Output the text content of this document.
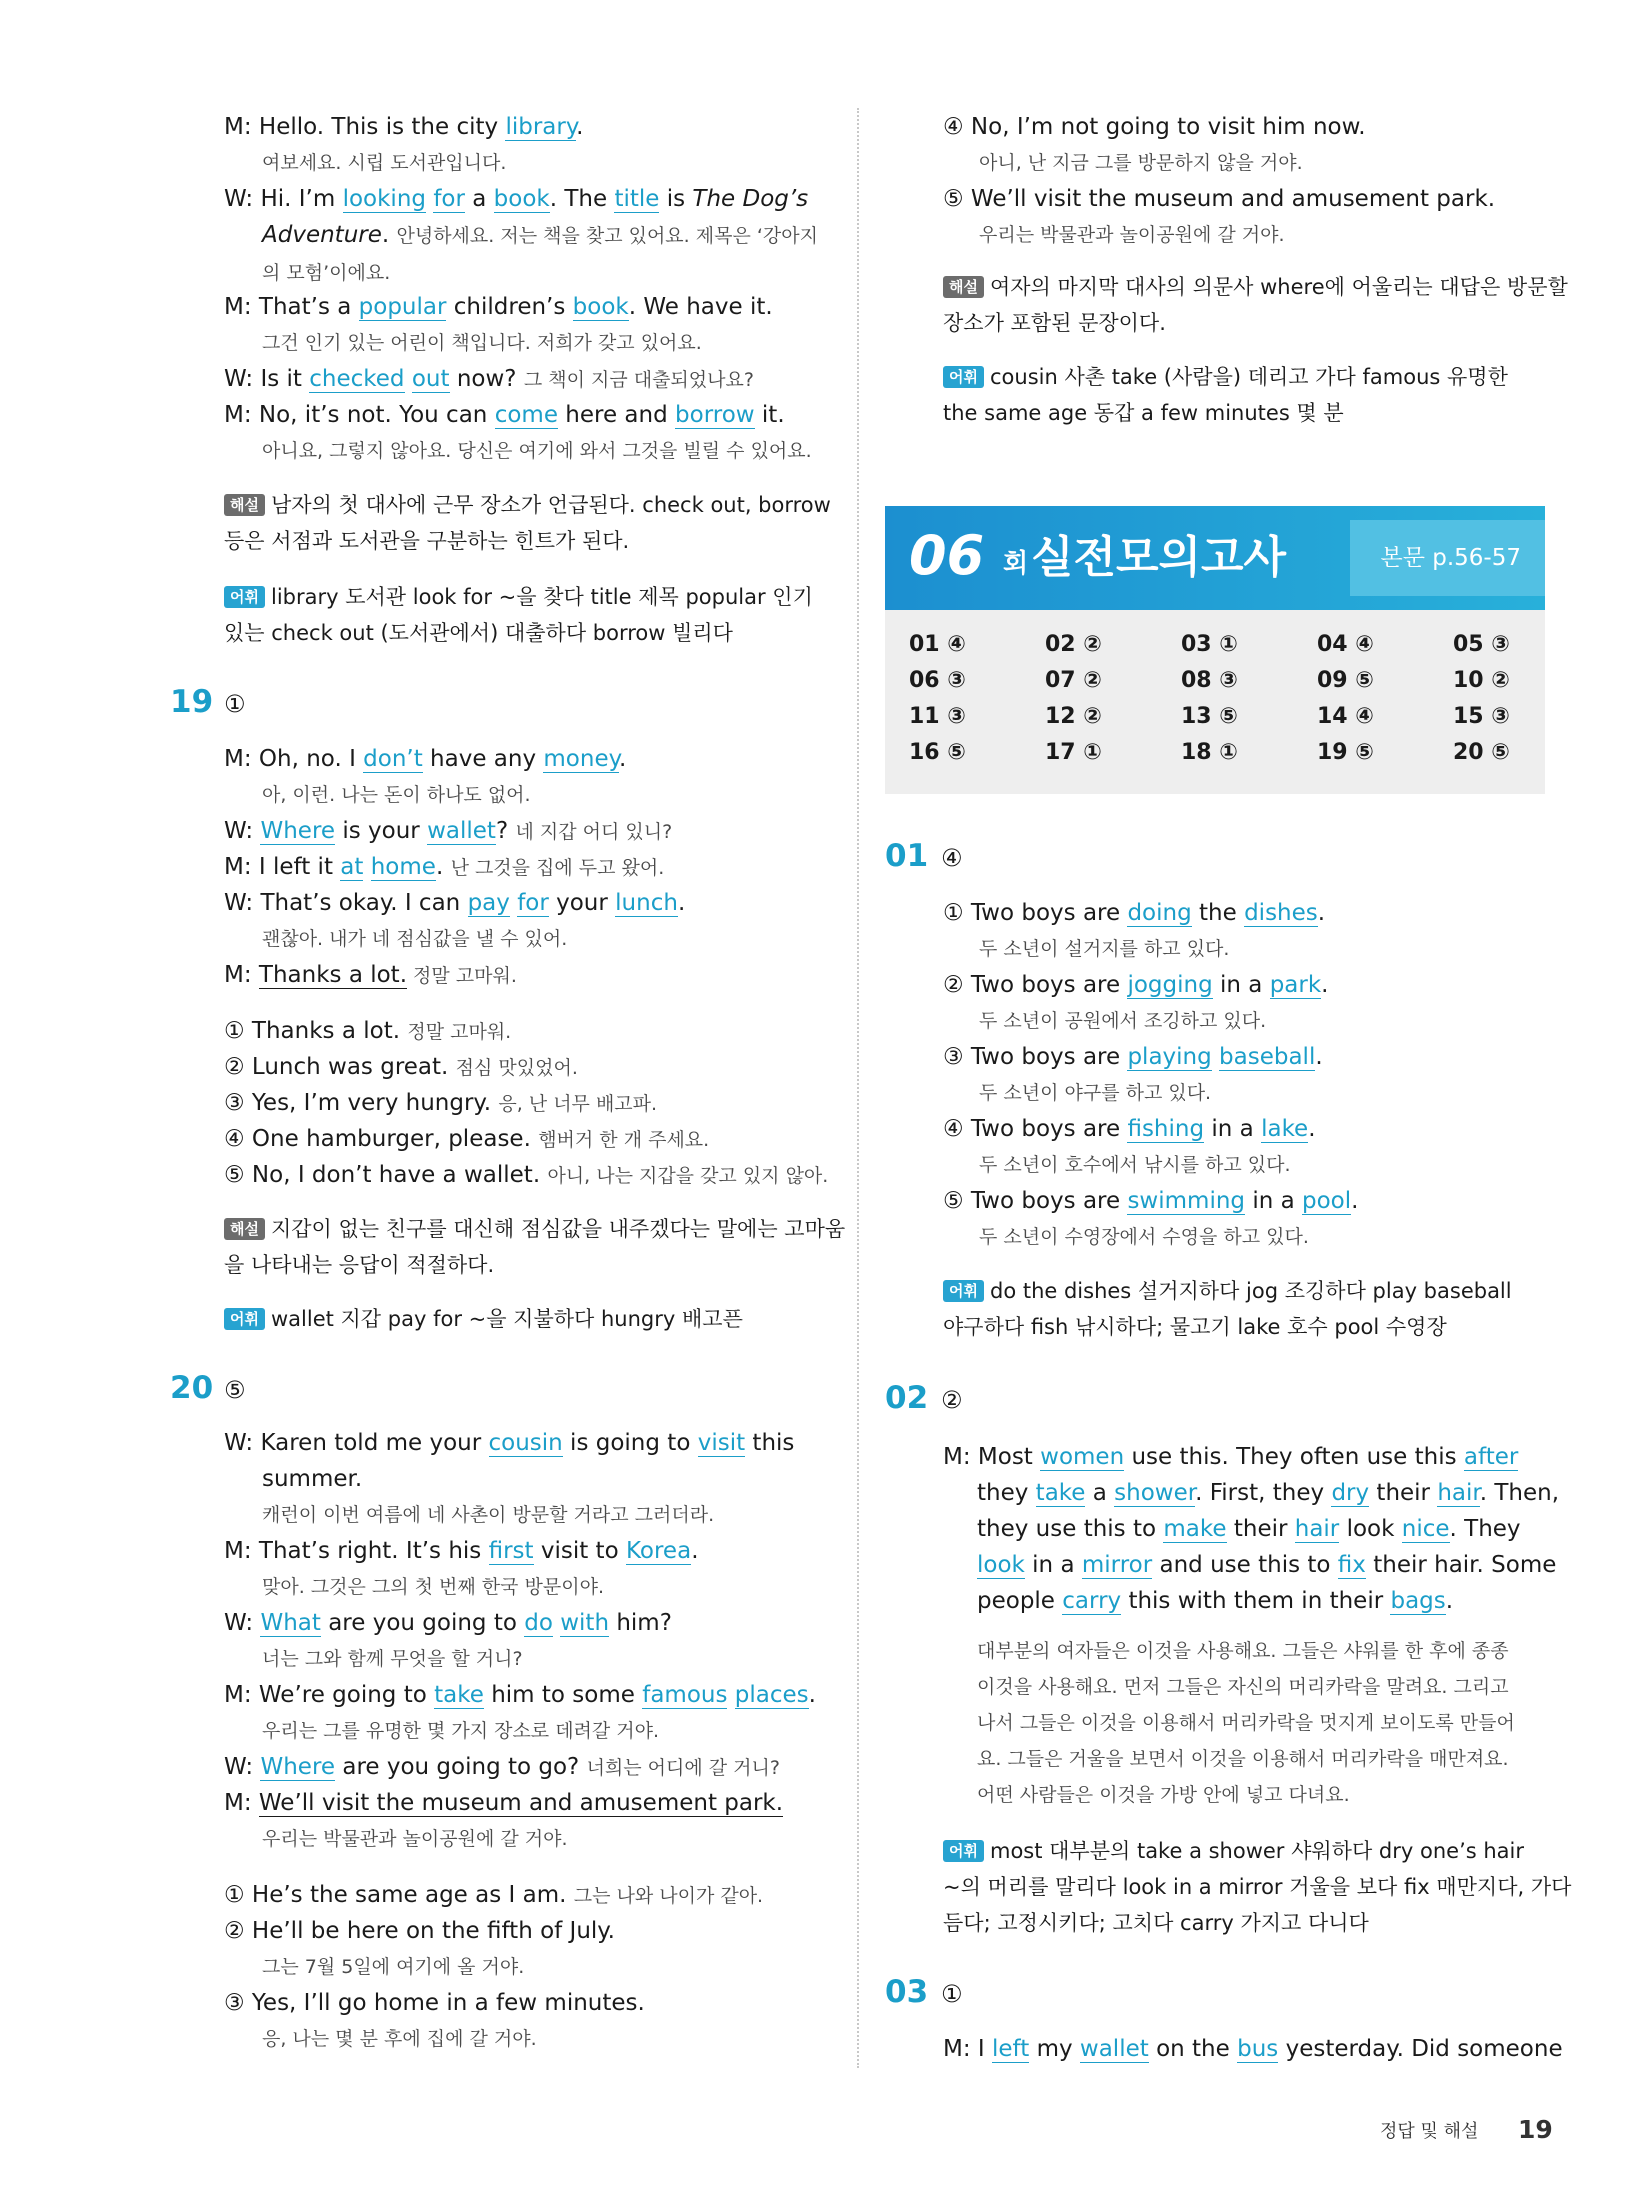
M: Hello. This is the city library.
여보세요. 시립 도서관입니다.
W: Hi. I’m looking for a book. The title is The Dog’s
Adventure. 안녕하세요. 저는 책을 찾고 있어요. 제목은 ‘강아지
의 모험’이에요.
M: That’s a popular children’s book. We have it.
그건 인기 있는 어린이 책입니다. 저희가 갖고 있어요.
W: Is it checked out now? 그 책이 지금 대출되었나요?
M: No, it’s not. You can come here and borrow it.
아니요, 그렇지 않아요. 당신은 여기에 와서 그것을 빌릴 수 있어요.
해설 남자의 첫 대사에 근무 장소가 언급된다. check out, borrow
등은 서점과 도서관을 구분하는 힌트가 된다.
어휘 library 도서관 look for ~을 찾다 title 제목 popular 인기
있는 check out (도서관에서) 대출하다 borrow 빌리다
19 ①
M: Oh, no. I don’t have any money.
아, 이런. 나는 돈이 하나도 없어.
W: Where is your wallet? 네 지갑 어디 있니?
M: I left it at home. 난 그것을 집에 두고 왔어.
W: That’s okay. I can pay for your lunch.
괜찮아. 내가 네 점심값을 낼 수 있어.
M: Thanks a lot. 정말 고마워.
① Thanks a lot. 정말 고마워.
② Lunch was great. 점심 맛있었어.
③ Yes, I’m very hungry. 응, 난 너무 배고파.
④ One hamburger, please. 햄버거 한 개 주세요.
⑤ No, I don’t have a wallet. 아니, 나는 지갑을 갖고 있지 않아.
해설 지갑이 없는 친구를 대신해 점심값을 내주겠다는 말에는 고마움
을 나타내는 응답이 적절하다.
어휘 wallet 지갑 pay for ~을 지불하다 hungry 배고픈
20 ⑤
W: Karen told me your cousin is going to visit this
summer.
캐런이 이번 여름에 네 사촌이 방문할 거라고 그러더라.
M: That’s right. It’s his first visit to Korea.
맞아. 그것은 그의 첫 번째 한국 방문이야.
W: What are you going to do with him?
너는 그와 함께 무엇을 할 거니?
M: We’re going to take him to some famous places.
우리는 그를 유명한 몇 가지 장소로 데려갈 거야.
W: Where are you going to go? 너희는 어디에 갈 거니?
M: We’ll visit the museum and amusement park.
우리는 박물관과 놀이공원에 갈 거야.
① He’s the same age as I am. 그는 나와 나이가 같아.
② He’ll be here on the fifth of July.
그는 7월 5일에 여기에 올 거야.
③ Yes, I’ll go home in a few minutes.
응, 나는 몇 분 후에 집에 갈 거야.
④ No, I’m not going to visit him now.
아니, 난 지금 그를 방문하지 않을 거야.
⑤ We’ll visit the museum and amusement park.
우리는 박물관과 놀이공원에 갈 거야.
해설 여자의 마지막 대사의 의문사 where에 어울리는 대답은 방문할
장소가 포함된 문장이다.
어휘 cousin 사촌 take (사람을) 데리고 가다 famous 유명한
the same age 동갑 a few minutes 몇 분
06 회 실전모의고사	본문 p.56-57
01 ④	02 ②	03 ①	04 ④	05 ③
06 ③	07 ②	08 ③	09 ⑤	10 ②
11 ③	12 ②	13 ⑤	14 ④	15 ③
16 ⑤	17 ①	18 ①	19 ⑤	20 ⑤
01 ④
① Two boys are doing the dishes.
두 소년이 설거지를 하고 있다.
② Two boys are jogging in a park.
두 소년이 공원에서 조깅하고 있다.
③ Two boys are playing baseball.
두 소년이 야구를 하고 있다.
④ Two boys are fishing in a lake.
두 소년이 호수에서 낚시를 하고 있다.
⑤ Two boys are swimming in a pool.
두 소년이 수영장에서 수영을 하고 있다.
어휘 do the dishes 설거지하다 jog 조깅하다 play baseball
야구하다 fish 낚시하다; 물고기 lake 호수 pool 수영장
02 ②
M: Most women use this. They often use this after
they take a shower. First, they dry their hair. Then,
they use this to make their hair look nice. They
look in a mirror and use this to fix their hair. Some
people carry this with them in their bags.
대부분의 여자들은 이것을 사용해요. 그들은 샤워를 한 후에 종종
이것을 사용해요. 먼저 그들은 자신의 머리카락을 말려요. 그리고
나서 그들은 이것을 이용해서 머리카락을 멋지게 보이도록 만들어
요. 그들은 거울을 보면서 이것을 이용해서 머리카락을 매만져요.
어떤 사람들은 이것을 가방 안에 넣고 다녀요.
어휘 most 대부분의 take a shower 샤워하다 dry one’s hair
~의 머리를 말리다 look in a mirror 거울을 보다 fix 매만지다, 가다
듬다; 고정시키다; 고치다 carry 가지고 다니다
03 ①
M: I left my wallet on the bus yesterday. Did someone
정답 및 해설 19
